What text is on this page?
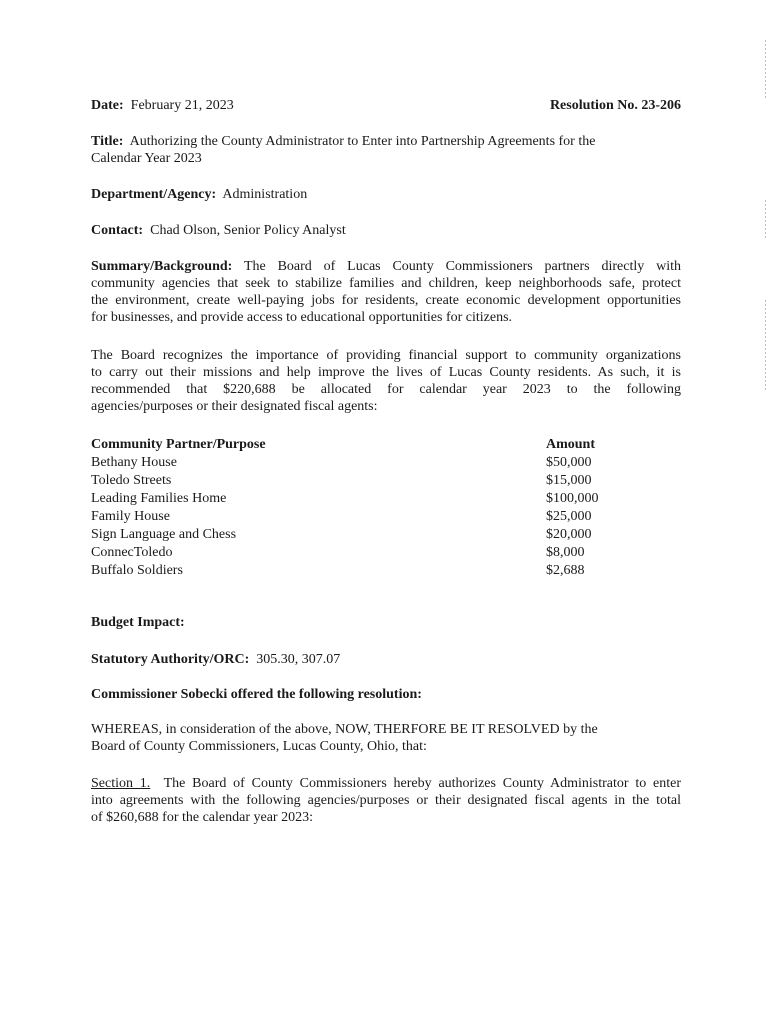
Date: February 21, 2023	Resolution No. 23-206
Title: Authorizing the County Administrator to Enter into Partnership Agreements for the
Calendar Year 2023
Department/Agency: Administration
Contact: Chad Olson, Senior Policy Analyst
Summary/Background: The Board of Lucas County Commissioners partners directly with
community agencies that seek to stabilize families and children, keep neighborhoods safe, protect
the environment, create well-paying jobs for residents, create economic development opportunities
for businesses, and provide access to educational opportunities for citizens.
The Board recognizes the importance of providing financial support to community organizations
to carry out their missions and help improve the lives of Lucas County residents. As such, it is
recommended that $220,688 be allocated for calendar year 2023 to the following
agencies/purposes or their designated fiscal agents:
Community Partner/Purpose	Amount
Bethany House	$50,000
Toledo Streets	$15,000
Leading Families Home	$100,000
Family House	$25,000
Sign Language and Chess	$20,000
ConnecToledo	$8,000
Buffalo Soldiers	$2,688
Budget Impact:
Statutory Authority/ORC: 305.30, 307.07
Commissioner Sobecki offered the following resolution:
WHEREAS, in consideration of the above, NOW, THERFORE BE IT RESOLVED by the
Board of County Commissioners, Lucas County, Ohio, that:
Section 1. The Board of County Commissioners hereby authorizes County Administrator to enter
into agreements with the following agencies/purposes or their designated fiscal agents in the total
of $260,688 for the calendar year 2023:
